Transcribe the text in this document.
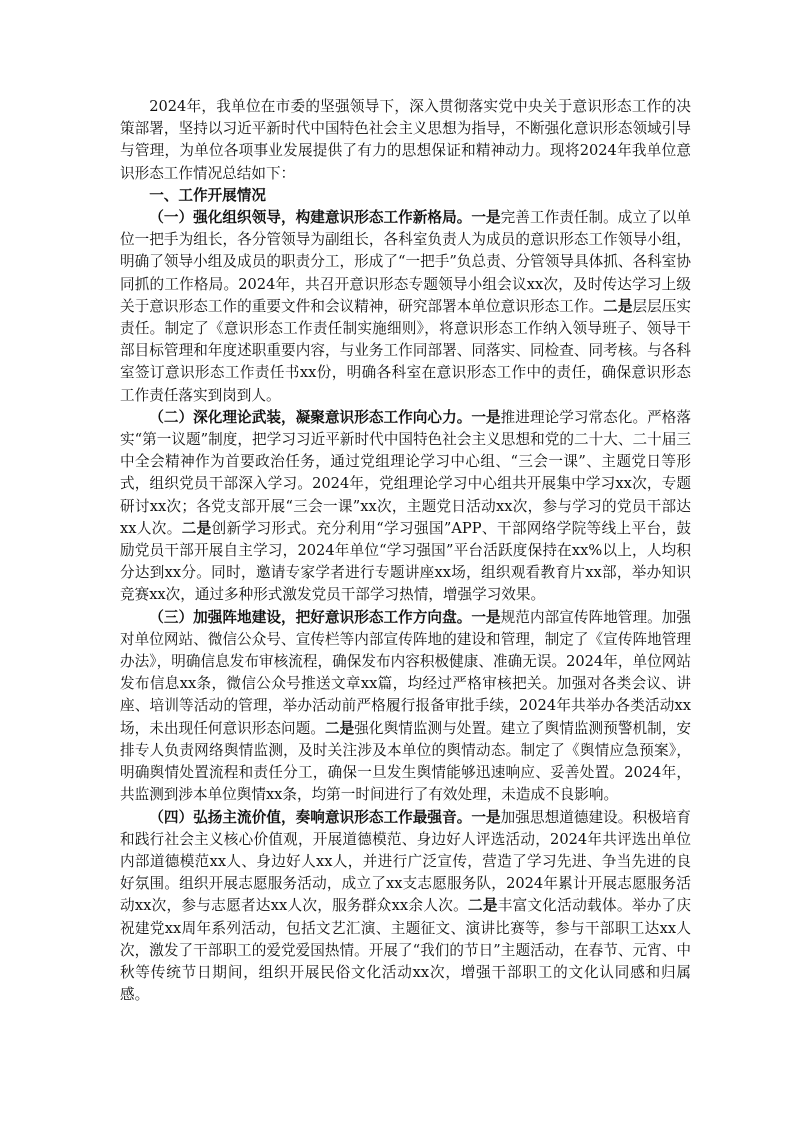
2024年，我单位在市委的坚强领导下，深入贯彻落实党中央关于意识形态工作的决策部署，坚持以习近平新时代中国特色社会主义思想为指导，不断强化意识形态领域引导与管理，为单位各项事业发展提供了有力的思想保证和精神动力。现将2024年我单位意识形态工作情况总结如下：

一、工作开展情况

（一）强化组织领导，构建意识形态工作新格局。一是完善工作责任制。成立了以单位一把手为组长，各分管领导为副组长，各科室负责人为成员的意识形态工作领导小组，明确了领导小组及成员的职责分工，形成了“一把手”负总责、分管领导具体抓、各科室协同抓的工作格局。2024年，共召开意识形态专题领导小组会议xx次，及时传达学习上级关于意识形态工作的重要文件和会议精神，研究部署本单位意识形态工作。二是层层压实责任。制定了《意识形态工作责任制实施细则》，将意识形态工作纳入领导班子、领导干部目标管理和年度述职重要内容，与业务工作同部署、同落实、同检查、同考核。与各科室签订意识形态工作责任书xx份，明确各科室在意识形态工作中的责任，确保意识形态工作责任落实到岗到人。

（二）深化理论武装，凝聚意识形态工作向心力。一是推进理论学习常态化。严格落实“第一议题”制度，把学习习近平新时代中国特色社会主义思想和党的二十大、二十届三中全会精神作为首要政治任务，通过党组理论学习中心组、“三会一课”、主题党日等形式，组织党员干部深入学习。2024年，党组理论学习中心组共开展集中学习xx次，专题研讨xx次；各党支部开展“三会一课”xx次，主题党日活动xx次，参与学习的党员干部达xx人次。二是创新学习形式。充分利用“学习强国”APP、干部网络学院等线上平台，鼓励党员干部开展自主学习，2024年单位“学习强国”平台活跃度保持在xx%以上，人均积分达到xx分。同时，邀请专家学者进行专题讲座xx场，组织观看教育片xx部，举办知识竞赛xx次，通过多种形式激发党员干部学习热情，增强学习效果。

（三）加强阵地建设，把好意识形态工作方向盘。一是规范内部宣传阵地管理。加强对单位网站、微信公众号、宣传栏等内部宣传阵地的建设和管理，制定了《宣传阵地管理办法》，明确信息发布审核流程，确保发布内容积极健康、准确无误。2024年，单位网站发布信息xx条，微信公众号推送文章xx篇，均经过严格审核把关。加强对各类会议、讲座、培训等活动的管理，举办活动前严格履行报备审批手续，2024年共举办各类活动xx场，未出现任何意识形态问题。二是强化舆情监测与处置。建立了舆情监测预警机制，安排专人负责网络舆情监测，及时关注涉及本单位的舆情动态。制定了《舆情应急预案》，明确舆情处置流程和责任分工，确保一旦发生舆情能够迅速响应、妥善处置。2024年，共监测到涉本单位舆情xx条，均第一时间进行了有效处理，未造成不良影响。

（四）弘扬主流价值，奏响意识形态工作最强音。一是加强思想道德建设。积极培育和践行社会主义核心价值观，开展道德模范、身边好人评选活动，2024年共评选出单位内部道德模范xx人、身边好人xx人，并进行广泛宣传，营造了学习先进、争当先进的良好氛围。组织开展志愿服务活动，成立了xx支志愿服务队，2024年累计开展志愿服务活动xx次，参与志愿者达xx人次，服务群众xx余人次。二是丰富文化活动载体。举办了庆祝建党xx周年系列活动，包括文艺汇演、主题征文、演讲比赛等，参与干部职工达xx人次，激发了干部职工的爱党爱国热情。开展了“我们的节日”主题活动，在春节、元宵、中秋等传统节日期间，组织开展民俗文化活动xx次，增强干部职工的文化认同感和归属感。
